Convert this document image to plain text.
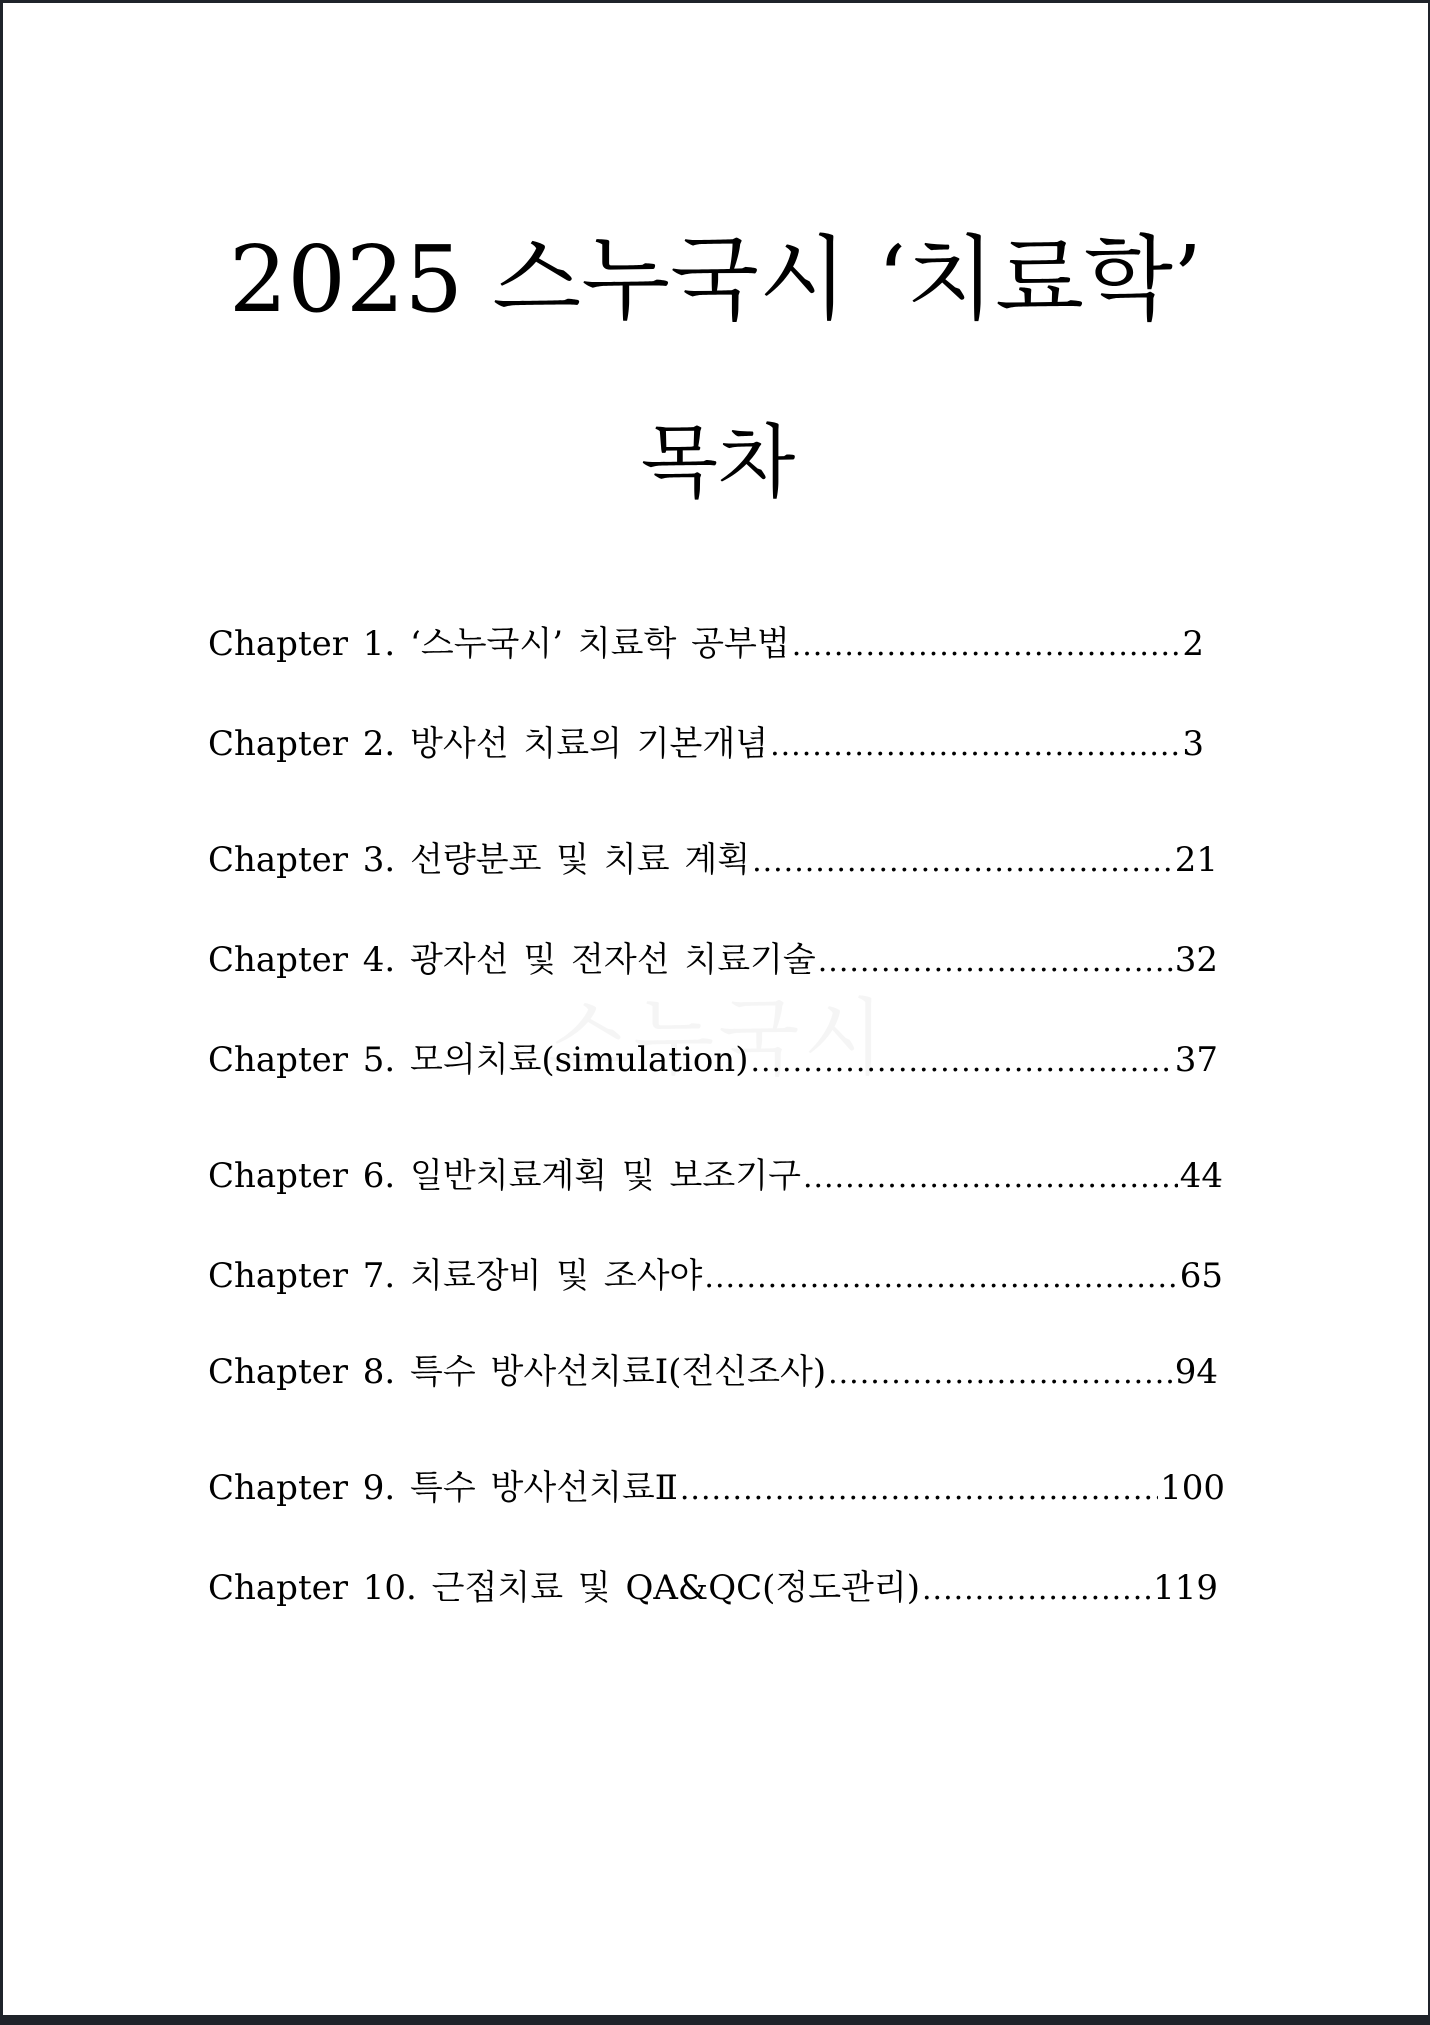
2025 스누국시 ‘치료학’
목차
Chapter 1. ‘스누국시’ 치료학 공부법 .....	2
Chapter 2. 방사선 치료의 기본개념 .....	3
Chapter 3. 선량분포 및 치료 계획 .....	21
Chapter 4. 광자선 및 전자선 치료기술 .....	32
Chapter 5. 모의치료(simulation) .....	37
Chapter 6. 일반치료계획 및 보조기구 .....	44
Chapter 7. 치료장비 및 조사야 .....	65
Chapter 8. 특수 방사선치료Ⅰ(전신조사) .....	94
Chapter 9. 특수 방사선치료Ⅱ .....	100
Chapter 10. 근접치료 및 QA&QC(정도관리) .....	119
